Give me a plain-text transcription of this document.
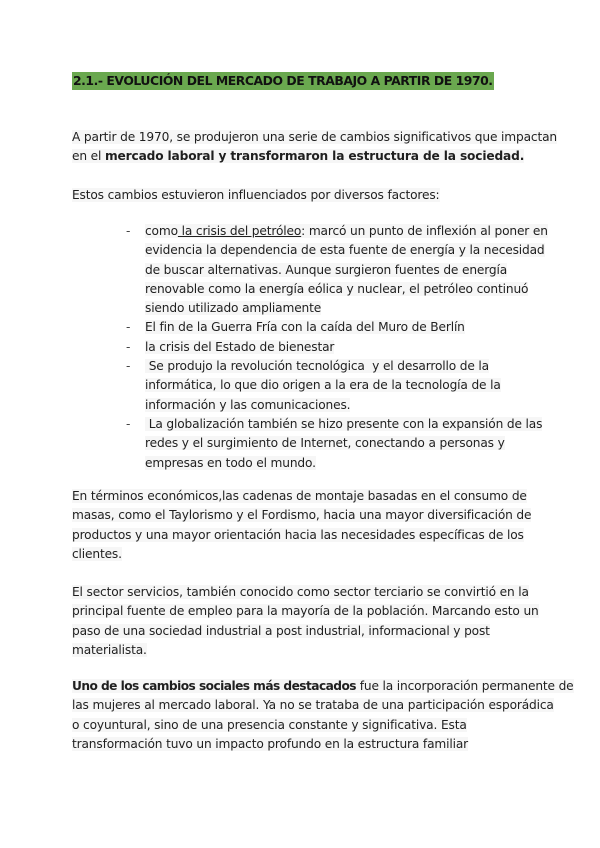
2.1.- EVOLUCIÓN DEL MERCADO DE TRABAJO A PARTIR DE 1970.
A partir de 1970, se produjeron una serie de cambios significativos que impactan
en el mercado laboral y transformaron la estructura de la sociedad.
Estos cambios estuvieron influenciados por diversos factores:
- como la crisis del petróleo: marcó un punto de inflexión al poner en
evidencia la dependencia de esta fuente de energía y la necesidad
de buscar alternativas. Aunque surgieron fuentes de energía
renovable como la energía eólica y nuclear, el petróleo continuó
siendo utilizado ampliamente
- El fin de la Guerra Fría con la caída del Muro de Berlín
- la crisis del Estado de bienestar
- Se produjo la revolución tecnológica  y el desarrollo de la
informática, lo que dio origen a la era de la tecnología de la
información y las comunicaciones.
- La globalización también se hizo presente con la expansión de las
redes y el surgimiento de Internet, conectando a personas y
empresas en todo el mundo.
En términos económicos,las cadenas de montaje basadas en el consumo de
masas, como el Taylorismo y el Fordismo, hacia una mayor diversificación de
productos y una mayor orientación hacia las necesidades específicas de los
clientes.
El sector servicios, también conocido como sector terciario se convirtió en la
principal fuente de empleo para la mayoría de la población. Marcando esto un
paso de una sociedad industrial a post industrial, informacional y post
materialista.
Uno de los cambios sociales más destacados fue la incorporación permanente de
las mujeres al mercado laboral. Ya no se trataba de una participación esporádica
o coyuntural, sino de una presencia constante y significativa. Esta
transformación tuvo un impacto profundo en la estructura familiar
